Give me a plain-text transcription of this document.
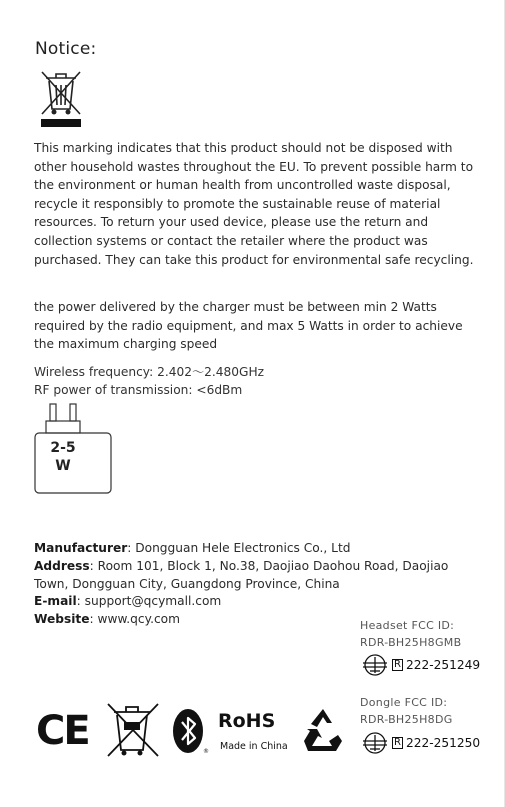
Notice:

This marking indicates that this product should not be disposed with other household wastes throughout the EU. To prevent possible harm to the environment or human health from uncontrolled waste disposal, recycle it responsibly to promote the sustainable reuse of material resources. To return your used device, please use the return and collection systems or contact the retailer where the product was purchased. They can take this product for environmental safe recycling.

the power delivered by the charger must be between min 2 Watts required by the radio equipment, and max 5 Watts in order to achieve the maximum charging speed

Wireless frequency: 2.402～2.480GHz
RF power of transmission: <6dBm
2-5
W
Manufacturer: Dongguan Hele Electronics Co., Ltd
Address: Room 101, Block 1, No.38, Daojiao Daohou Road, Daojiao
Town, Dongguan City, Guangdong Province, China
E-mail: support@qcymall.com
Website: www.qcy.com	Headset FCC ID:
RDR-BH25H8GMB
R 222-251249
Dongle FCC ID:
RDR-BH25H8DG
R 222-251250
CE	®
RoHS
Made in China
